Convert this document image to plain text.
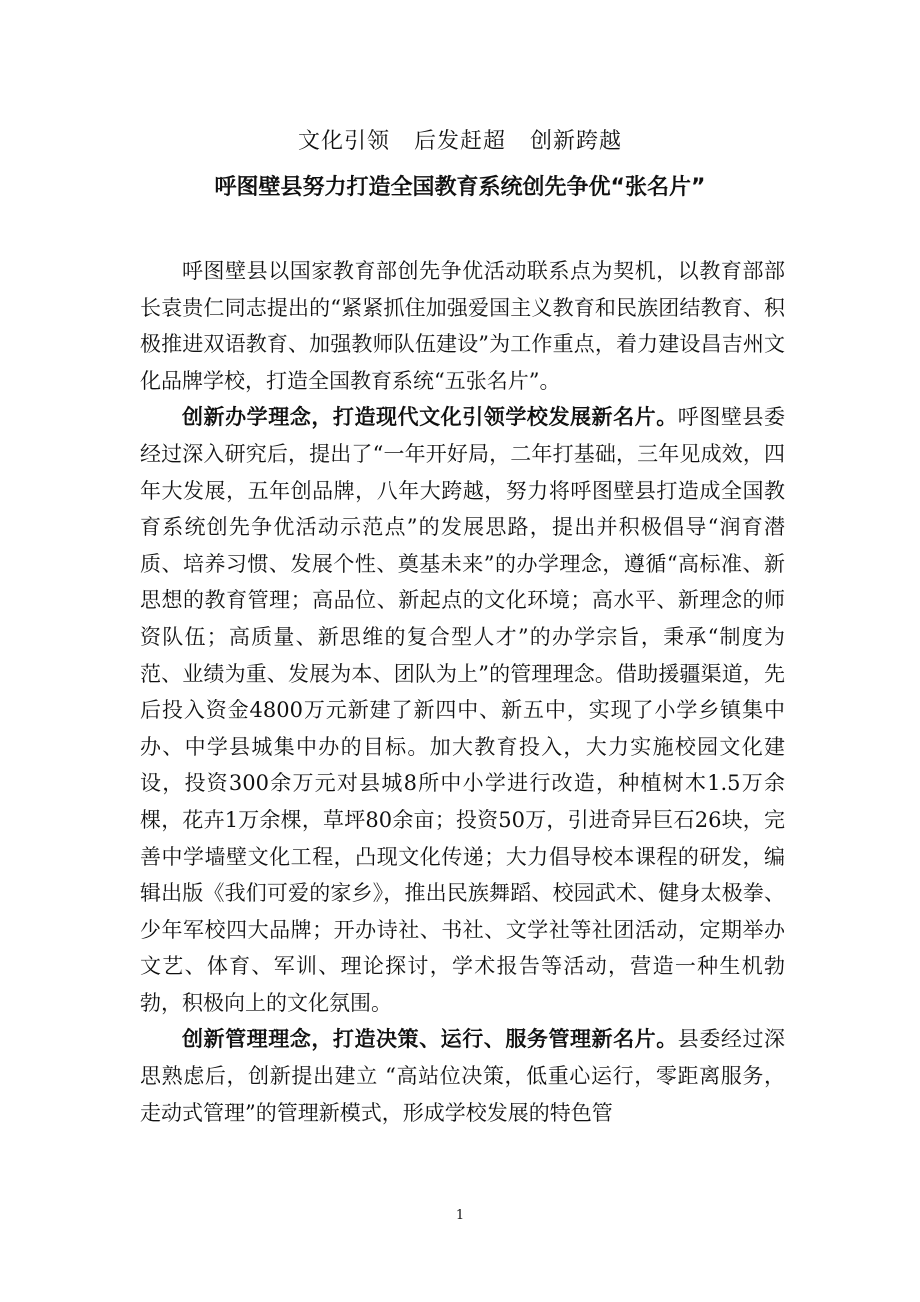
文化引领   后发赶超   创新跨越
呼图壁县努力打造全国教育系统创先争优“张名片”

呼图壁县以国家教育部创先争优活动联系点为契机，以教育部部长袁贵仁同志提出的“紧紧抓住加强爱国主义教育和民族团结教育、积极推进双语教育、加强教师队伍建设”为工作重点，着力建设昌吉州文化品牌学校，打造全国教育系统“五张名片”。

创新办学理念，打造现代文化引领学校发展新名片。呼图壁县委经过深入研究后，提出了“一年开好局，二年打基础，三年见成效，四年大发展，五年创品牌，八年大跨越，努力将呼图壁县打造成全国教育系统创先争优活动示范点”的发展思路，提出并积极倡导“润育潜质、培养习惯、发展个性、奠基未来”的办学理念，遵循“高标准、新思想的教育管理；高品位、新起点的文化环境；高水平、新理念的师资队伍；高质量、新思维的复合型人才”的办学宗旨，秉承“制度为范、业绩为重、发展为本、团队为上”的管理理念。借助援疆渠道，先后投入资金4800万元新建了新四中、新五中，实现了小学乡镇集中办、中学县城集中办的目标。加大教育投入，大力实施校园文化建设，投资300余万元对县城8所中小学进行改造，种植树木1.5万余棵，花卉1万余棵，草坪80余亩；投资50万，引进奇异巨石26块，完善中学墙壁文化工程，凸现文化传递；大力倡导校本课程的研发，编辑出版《我们可爱的家乡》，推出民族舞蹈、校园武术、健身太极拳、少年军校四大品牌；开办诗社、书社、文学社等社团活动，定期举办文艺、体育、军训、理论探讨，学术报告等活动，营造一种生机勃勃，积极向上的文化氛围。

创新管理理念，打造决策、运行、服务管理新名片。县委经过深思熟虑后，创新提出建立 “高站位决策，低重心运行，零距离服务，走动式管理”的管理新模式，形成学校发展的特色管

1
